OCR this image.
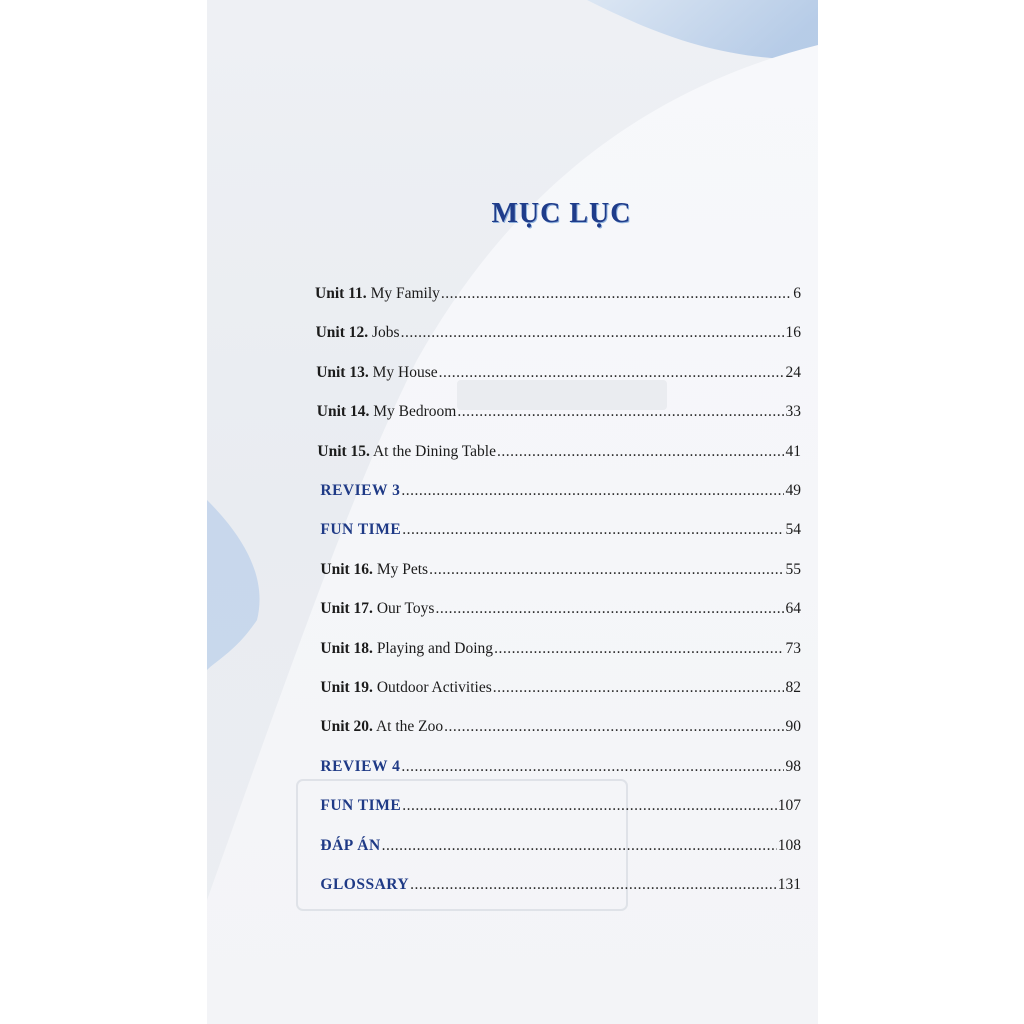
MỤC LỤC
Unit 11. My Family .....	6
Unit 12. Jobs .....	16
Unit 13. My House .....	24
Unit 14. My Bedroom .....	33
Unit 15. At the Dining Table .....	41
REVIEW 3 .....	49
FUN TIME .....	54
Unit 16. My Pets .....	55
Unit 17. Our Toys .....	64
Unit 18. Playing and Doing .....	73
Unit 19. Outdoor Activities .....	82
Unit 20. At the Zoo .....	90
REVIEW 4 .....	98
FUN TIME .....	107
ĐÁP ÁN .....	108
GLOSSARY .....	131
